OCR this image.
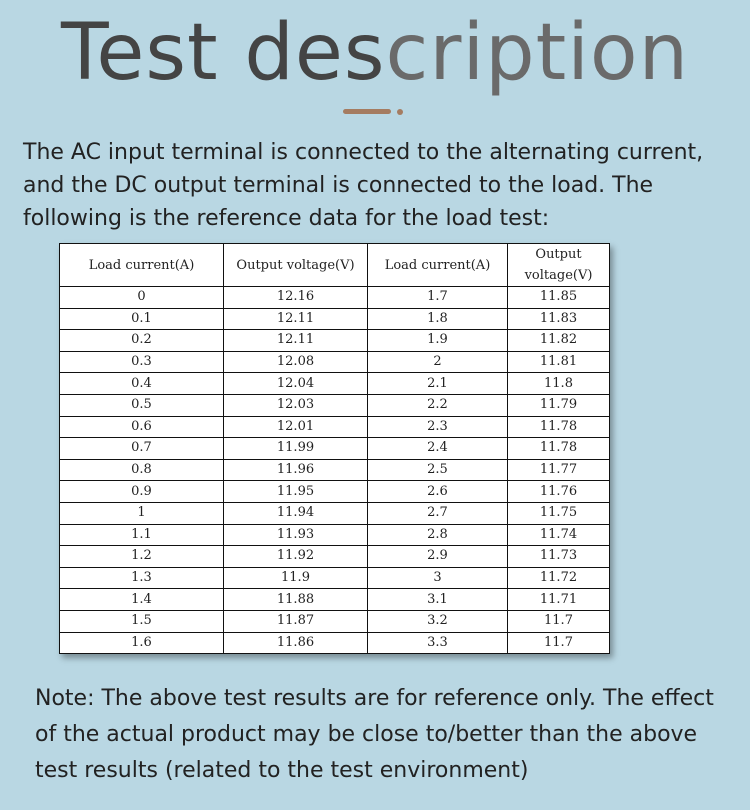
Test description
The AC input terminal is connected to the alternating current, and the DC output terminal is connected to the load. The following is the reference data for the load test:
Load current(A)	Output voltage(V)	Load current(A)	Output voltage(V)
0	12.16	1.7	11.85
0.1	12.11	1.8	11.83
0.2	12.11	1.9	11.82
0.3	12.08	2	11.81
0.4	12.04	2.1	11.8
0.5	12.03	2.2	11.79
0.6	12.01	2.3	11.78
0.7	11.99	2.4	11.78
0.8	11.96	2.5	11.77
0.9	11.95	2.6	11.76
1	11.94	2.7	11.75
1.1	11.93	2.8	11.74
1.2	11.92	2.9	11.73
1.3	11.9	3	11.72
1.4	11.88	3.1	11.71
1.5	11.87	3.2	11.7
1.6	11.86	3.3	11.7
Note: The above test results are for reference only. The effect of the actual product may be close to/better than the above test results (related to the test environment)
